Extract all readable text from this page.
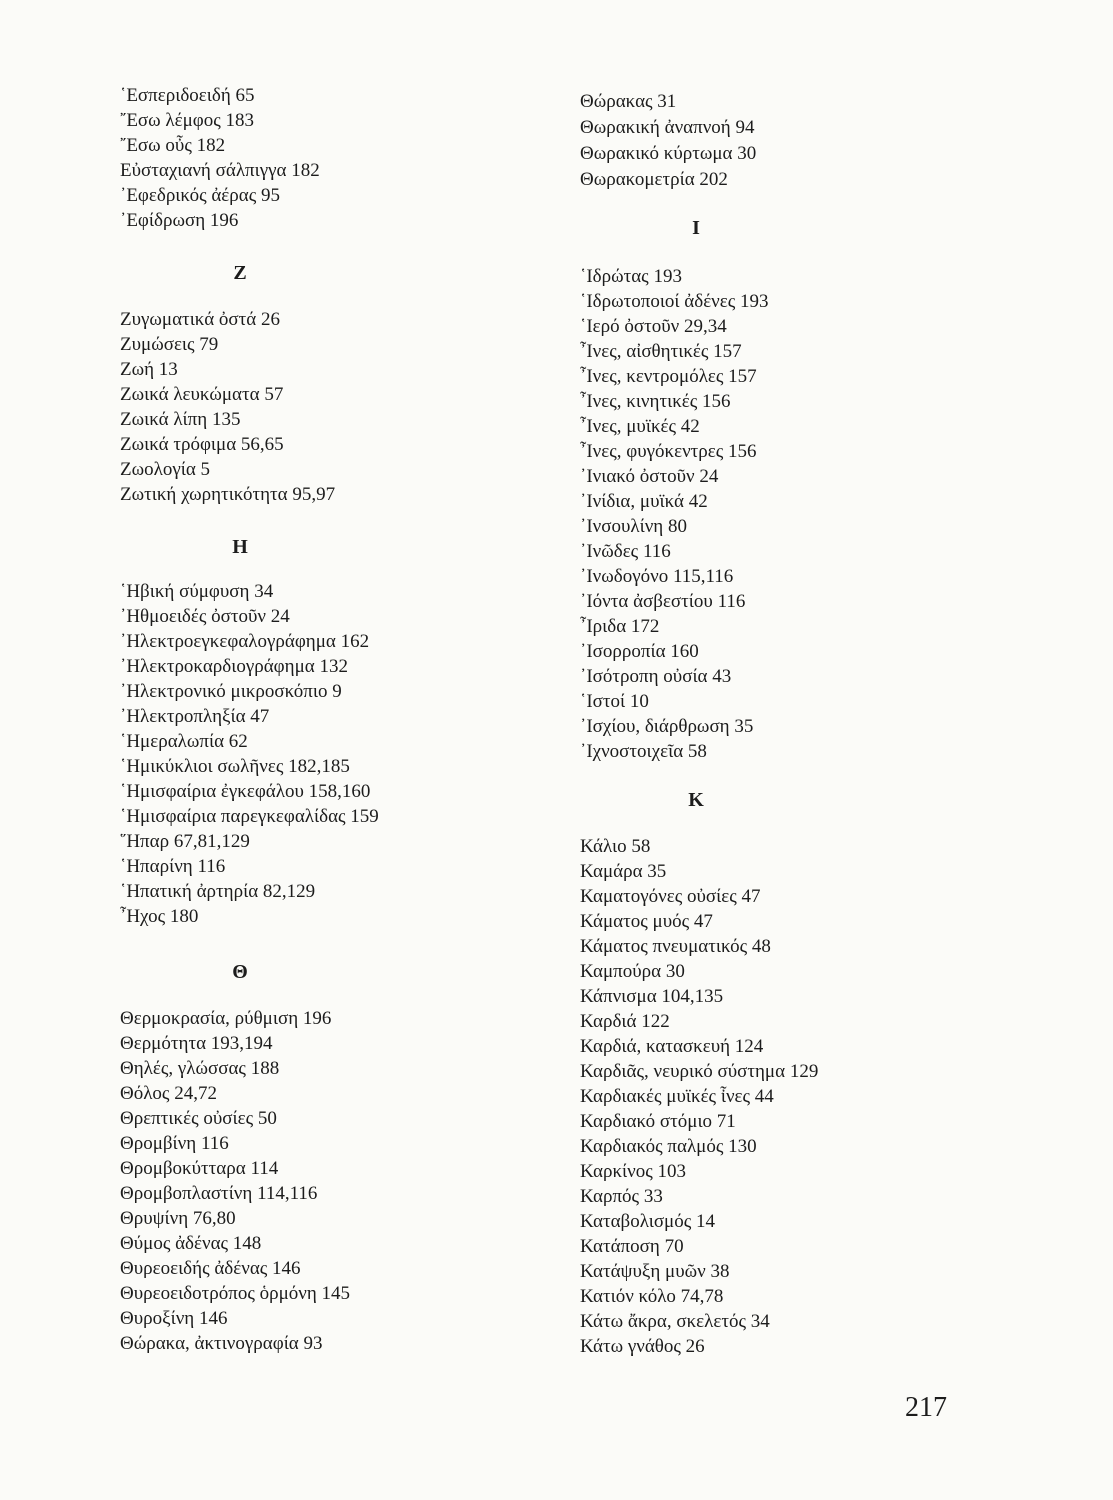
῾Εσπεριδοειδή 65
῎Εσω λέμφος 183
῎Εσω οὖς 182
Εὐσταχιανή σάλπιγγα 182
᾿Εφεδρικός ἀέρας 95
᾿Εφίδρωση 196
Ζ
Ζυγωματικά ὀστά 26
Ζυμώσεις 79
Ζωή 13
Ζωικά λευκώματα 57
Ζωικά λίπη 135
Ζωικά τρόφιμα 56,65
Ζωολογία 5
Ζωτική χωρητικότητα 95,97
Η
῾Ηβική σύμφυση 34
᾿Ηθμοειδές ὀστοῦν 24
᾿Ηλεκτροεγκεφαλογράφημα 162
᾿Ηλεκτροκαρδιογράφημα 132
᾿Ηλεκτρονικό μικροσκόπιο 9
᾿Ηλεκτροπληξία 47
῾Ημεραλωπία 62
῾Ημικύκλιοι σωλῆνες 182,185
῾Ημισφαίρια ἐγκεφάλου 158,160
῾Ημισφαίρια παρεγκεφαλίδας 159
῞Ηπαρ 67,81,129
῾Ηπαρίνη 116
῾Ηπατική ἀρτηρία 82,129
῏Ηχος 180
Θ
Θερμοκρασία, ρύθμιση 196
Θερμότητα 193,194
Θηλές, γλώσσας 188
Θόλος 24,72
Θρεπτικές οὐσίες 50
Θρομβίνη 116
Θρομβοκύτταρα 114
Θρομβοπλαστίνη 114,116
Θρυψίνη 76,80
Θύμος ἀδένας 148
Θυρεοειδής ἀδένας 146
Θυρεοειδοτρόπος ὁρμόνη 145
Θυροξίνη 146
Θώρακα, ἀκτινογραφία 93
Θώρακας 31
Θωρακική ἀναπνοή 94
Θωρακικό κύρτωμα 30
Θωρακομετρία 202
Ι
῾Ιδρώτας 193
῾Ιδρωτοποιοί ἀδένες 193
῾Ιερό ὀστοῦν 29,34
῏Ινες, αἰσθητικές 157
῏Ινες, κεντρομόλες 157
῏Ινες, κινητικές 156
῏Ινες, μυϊκές 42
῏Ινες, φυγόκεντρες 156
᾿Ινιακό ὀστοῦν 24
᾿Ινίδια, μυϊκά 42
᾿Ινσουλίνη 80
᾿Ινῶδες 116
᾿Ινωδογόνο 115,116
᾿Ιόντα ἀσβεστίου 116
῏Ιριδα 172
᾿Ισορροπία 160
᾿Ισότροπη οὐσία 43
῾Ιστοί 10
᾿Ισχίου, διάρθρωση 35
᾿Ιχνοστοιχεῖα 58
Κ
Κάλιο 58
Καμάρα 35
Καματογόνες οὐσίες 47
Κάματος μυός 47
Κάματος πνευματικός 48
Καμπούρα 30
Κάπνισμα 104,135
Καρδιά 122
Καρδιά, κατασκευή 124
Καρδιᾶς, νευρικό σύστημα 129
Καρδιακές μυϊκές ἶνες 44
Καρδιακό στόμιο 71
Καρδιακός παλμός 130
Καρκίνος 103
Καρπός 33
Καταβολισμός 14
Κατάποση 70
Κατάψυξη μυῶν 38
Κατιόν κόλο 74,78
Κάτω ἄκρα, σκελετός 34
Κάτω γνάθος 26
217
